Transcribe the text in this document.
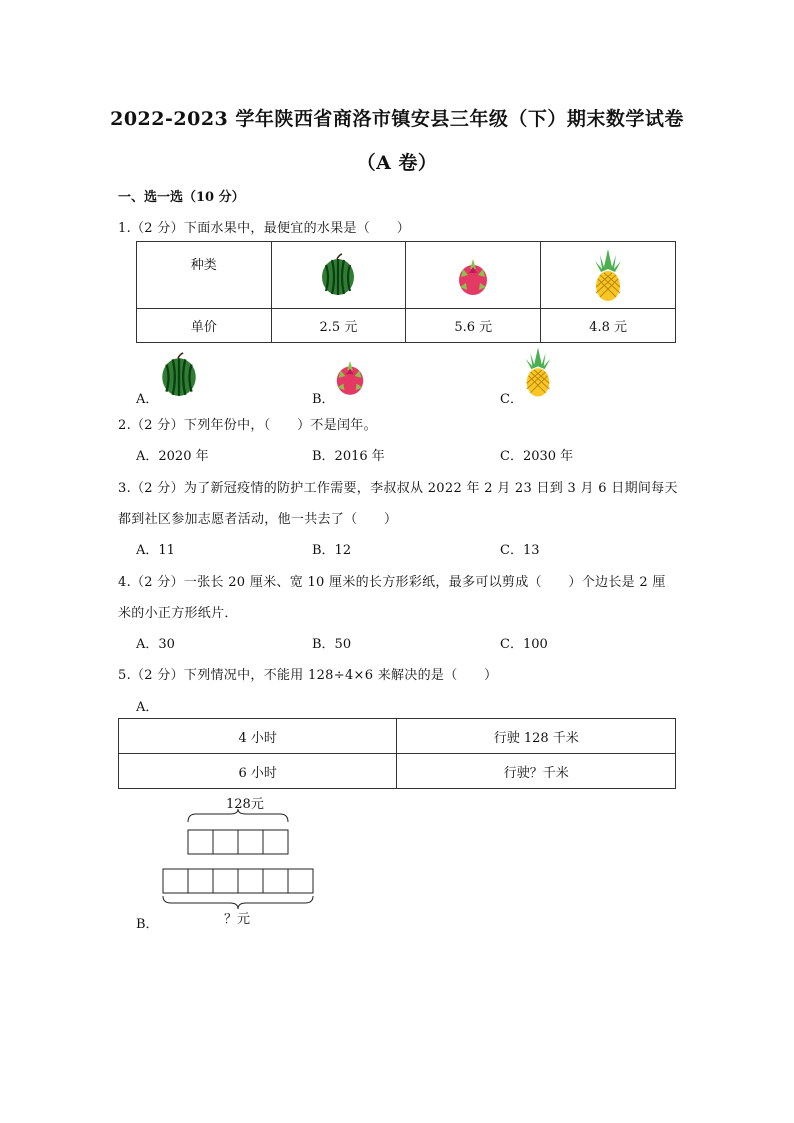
2022-2023 学年陕西省商洛市镇安县三年级（下）期末数学试卷
（A 卷）
一、选一选（10 分）
1.（2 分）下面水果中，最便宜的水果是（　　）
种类	

单价	2.5 元	5.6 元	4.8 元
A．	B．	C．
2.（2 分）下列年份中，（　　）不是闰年。
A．2020 年	B．2016 年	C．2030 年
3.（2 分）为了新冠疫情的防护工作需要，李叔叔从 2022 年 2 月 23 日到 3 月 6 日期间每天
都到社区参加志愿者活动，他一共去了（　　）
A．11	B．12	C．13
4.（2 分）一张长 20 厘米、宽 10 厘米的长方形彩纸，最多可以剪成（　　）个边长是 2 厘
米的小正方形纸片．
A．30	B．50	C．100
5.（2 分）下列情况中，不能用 128÷4×6 来解决的是（　　）
A．
4 小时	行驶 128 千米
6 小时	行驶？千米
128元
？元
B．
